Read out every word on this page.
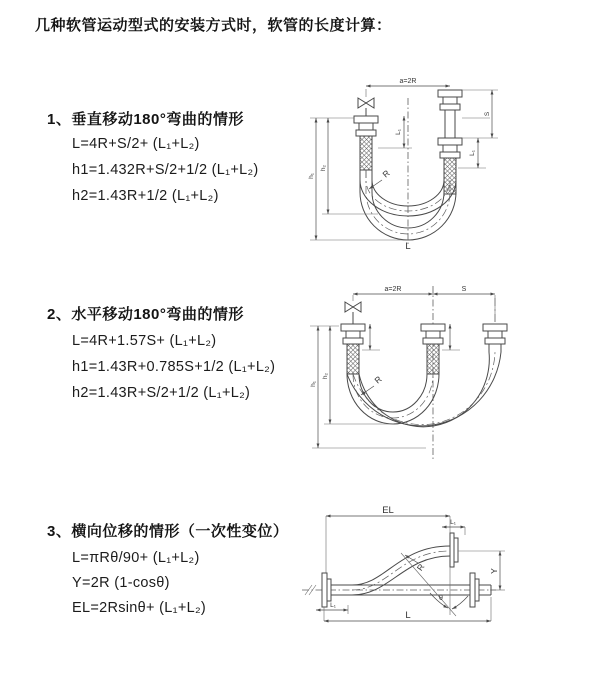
几种软管运动型式的安装方式时，软管的长度计算：
1、垂直移动180°弯曲的情形
L=4R+S/2+ (L₁+L₂)
h1=1.432R+S/2+1/2 (L₁+L₂)
h2=1.43R+1/2 (L₁+L₂)
2、水平移动180°弯曲的情形
L=4R+1.57S+ (L₁+L₂)
h1=1.43R+0.785S+1/2 (L₁+L₂)
h2=1.43R+S/2+1/2 (L₁+L₂)
3、横向位移的情形（一次性变位）
L=πRθ/90+ (L₁+L₂)
Y=2R (1-cosθ)
EL=2Rsinθ+ (L₁+L₂)
a=2R
L₁
S
L₁
R
h₁
h₂
L
a=2R	S
R
h₁
h₂
EL
L₁
Y
R
θ
L₁
L
